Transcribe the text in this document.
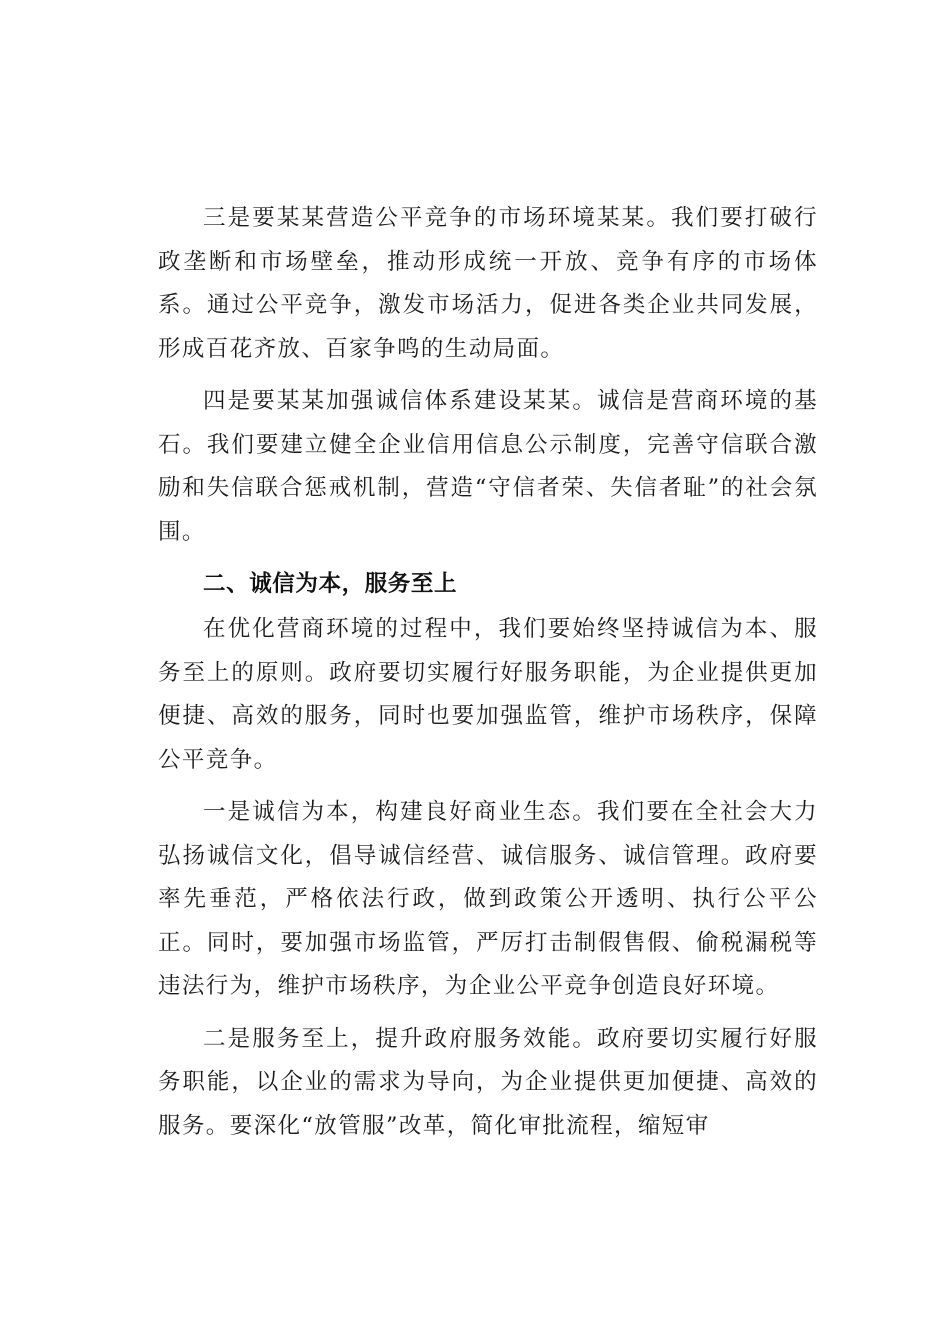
三是要某某营造公平竞争的市场环境某某。我们要打破行政垄断和市场壁垒，推动形成统一开放、竞争有序的市场体系。通过公平竞争，激发市场活力，促进各类企业共同发展，形成百花齐放、百家争鸣的生动局面。

四是要某某加强诚信体系建设某某。诚信是营商环境的基石。我们要建立健全企业信用信息公示制度，完善守信联合激励和失信联合惩戒机制，营造“守信者荣、失信者耻”的社会氛围。

二、诚信为本，服务至上

在优化营商环境的过程中，我们要始终坚持诚信为本、服务至上的原则。政府要切实履行好服务职能，为企业提供更加便捷、高效的服务，同时也要加强监管，维护市场秩序，保障公平竞争。

一是诚信为本，构建良好商业生态。我们要在全社会大力弘扬诚信文化，倡导诚信经营、诚信服务、诚信管理。政府要率先垂范，严格依法行政，做到政策公开透明、执行公平公正。同时，要加强市场监管，严厉打击制假售假、偷税漏税等违法行为，维护市场秩序，为企业公平竞争创造良好环境。

二是服务至上，提升政府服务效能。政府要切实履行好服务职能，以企业的需求为导向，为企业提供更加便捷、高效的服务。要深化“放管服”改革，简化审批流程，缩短审
